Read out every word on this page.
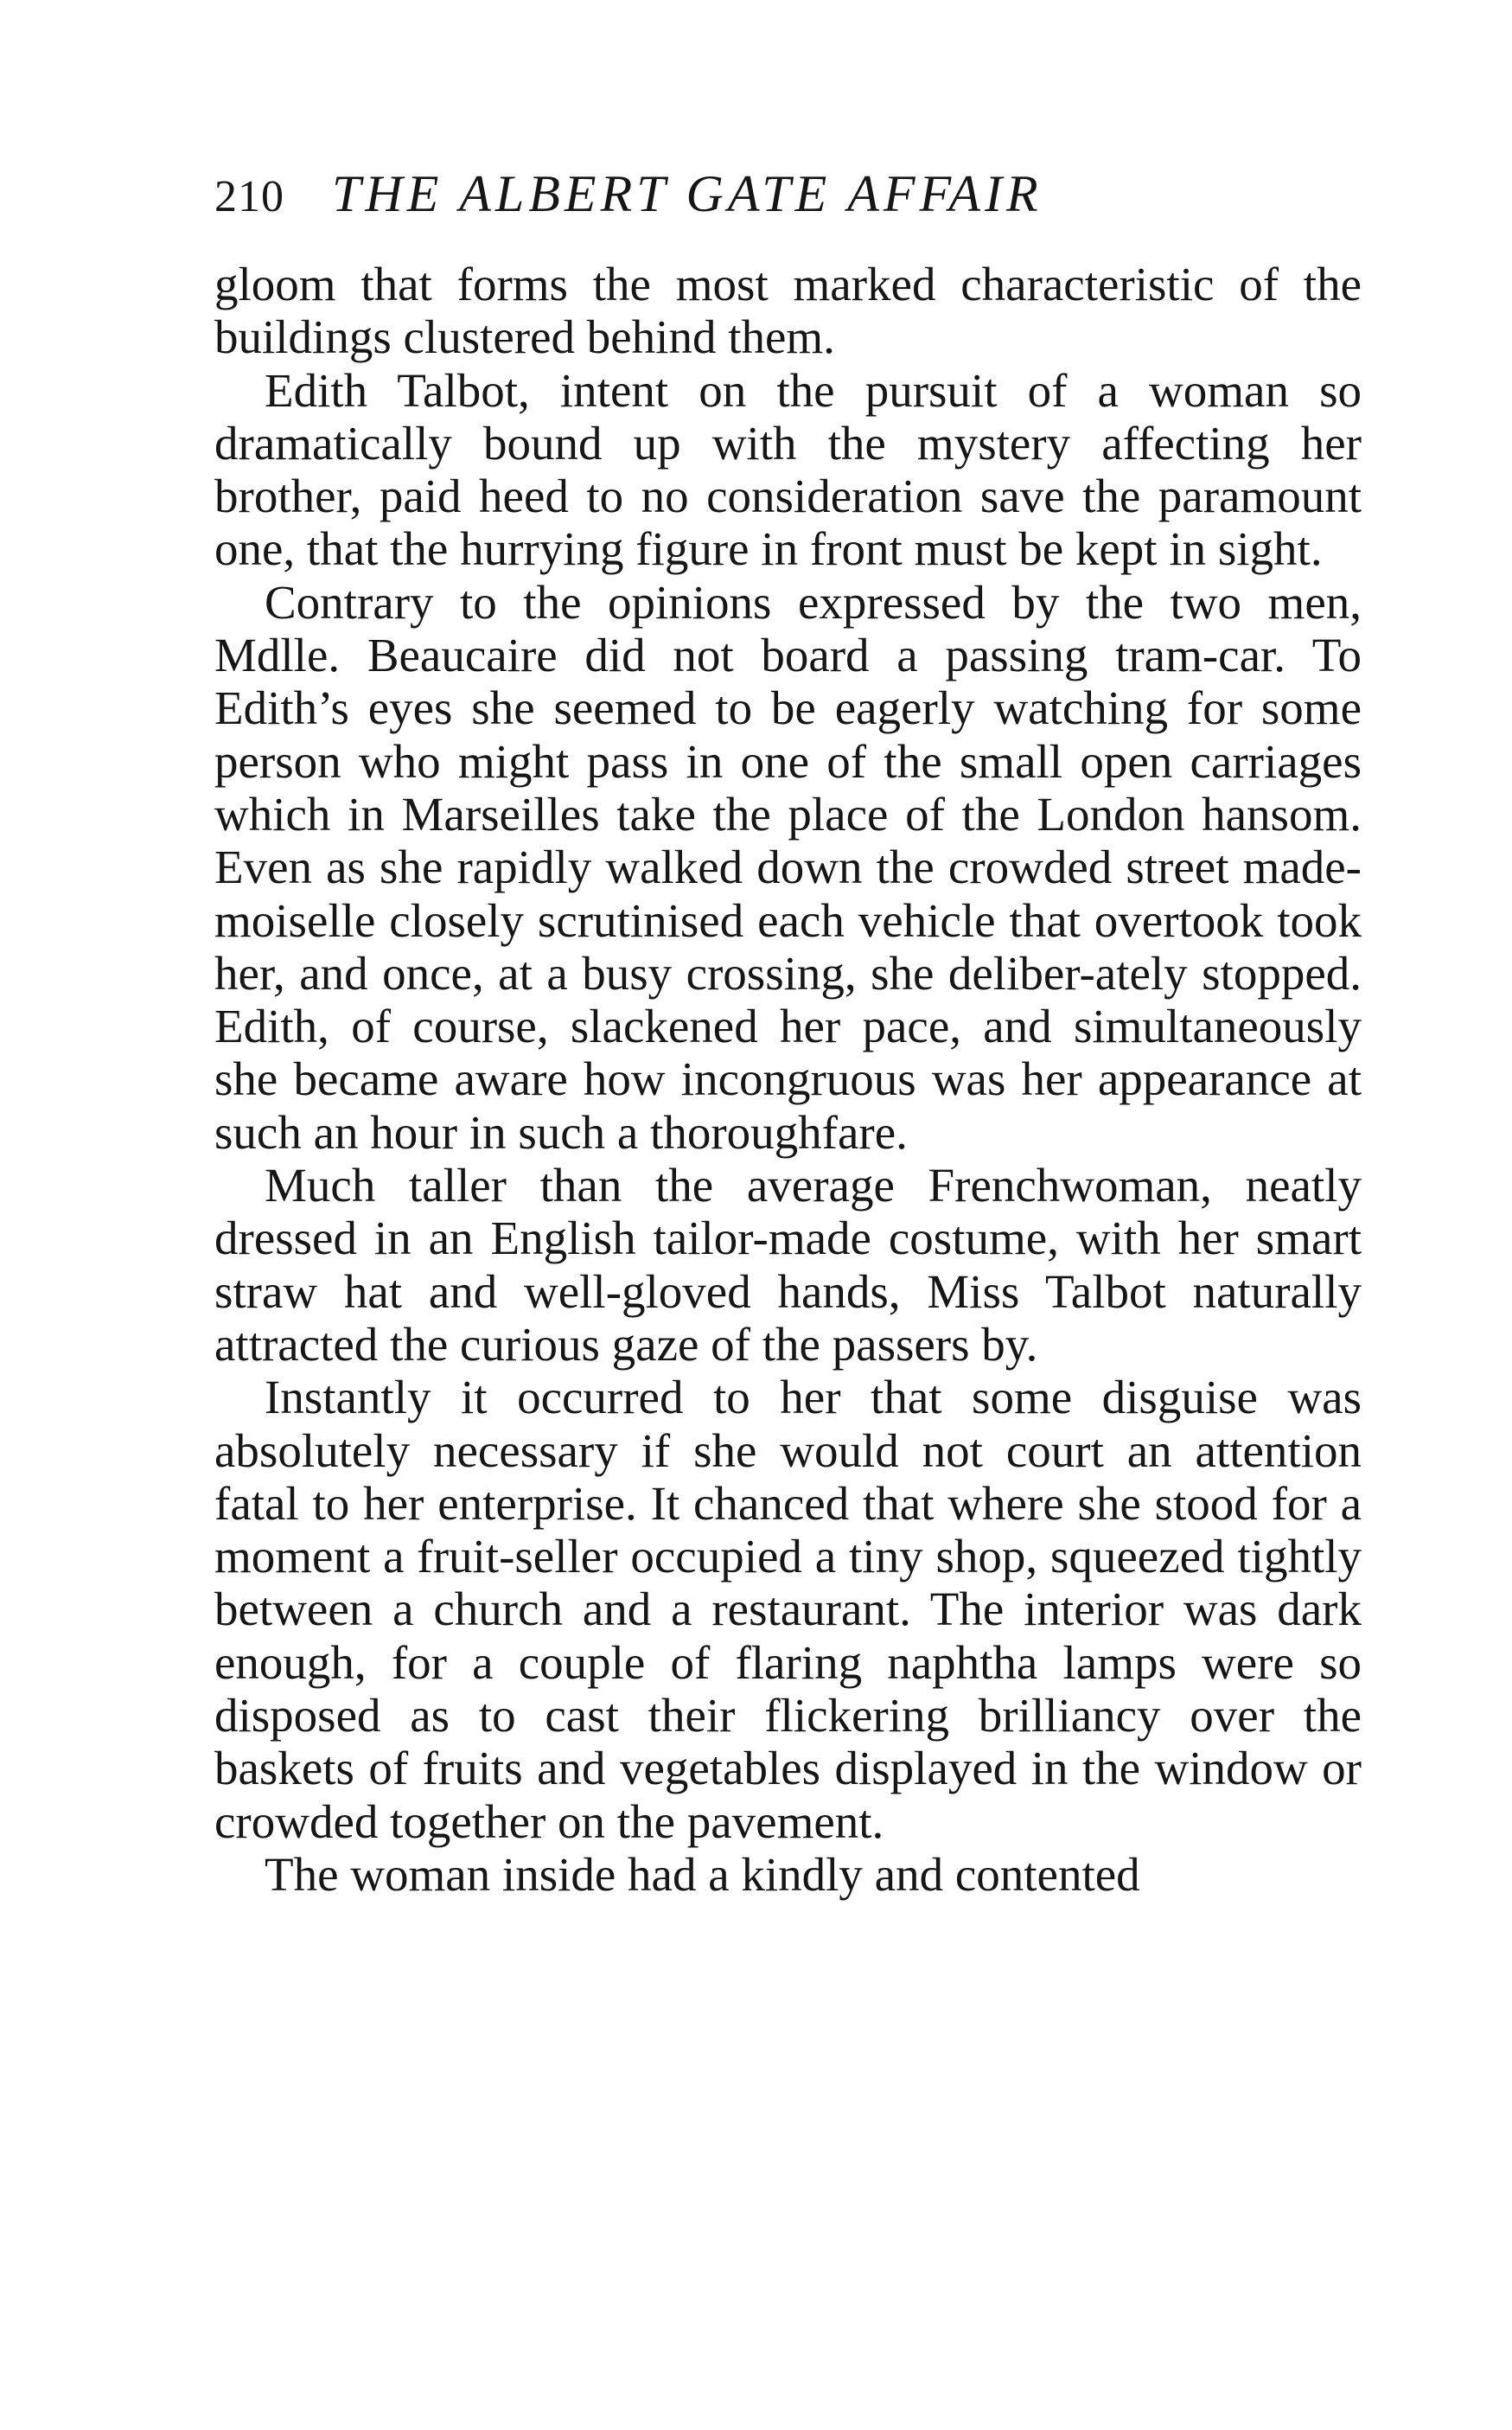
210 THE ALBERT GATE AFFAIR

gloom that forms the most marked characteristic of the buildings clustered behind them.

Edith Talbot, intent on the pursuit of a woman so dramatically bound up with the mystery affecting her brother, paid heed to no consideration save the paramount one, that the hurrying figure in front must be kept in sight.

Contrary to the opinions expressed by the two men, Mdlle. Beaucaire did not board a passing tram-car. To Edith’s eyes she seemed to be eagerly watching for some person who might pass in one of the small open carriages which in Marseilles take the place of the London hansom. Even as she rapidly walked down the crowded street made-moiselle closely scrutinised each vehicle that overtook took her, and once, at a busy crossing, she deliber-ately stopped. Edith, of course, slackened her pace, and simultaneously she became aware how incongruous was her appearance at such an hour in such a thoroughfare.

Much taller than the average Frenchwoman, neatly dressed in an English tailor-made costume, with her smart straw hat and well-gloved hands, Miss Talbot naturally attracted the curious gaze of the passers by.

Instantly it occurred to her that some disguise was absolutely necessary if she would not court an attention fatal to her enterprise. It chanced that where she stood for a moment a fruit-seller occupied a tiny shop, squeezed tightly between a church and a restaurant. The interior was dark enough, for a couple of flaring naphtha lamps were so disposed as to cast their flickering brilliancy over the baskets of fruits and vegetables displayed in the window or crowded together on the pavement.

The woman inside had a kindly and contented
